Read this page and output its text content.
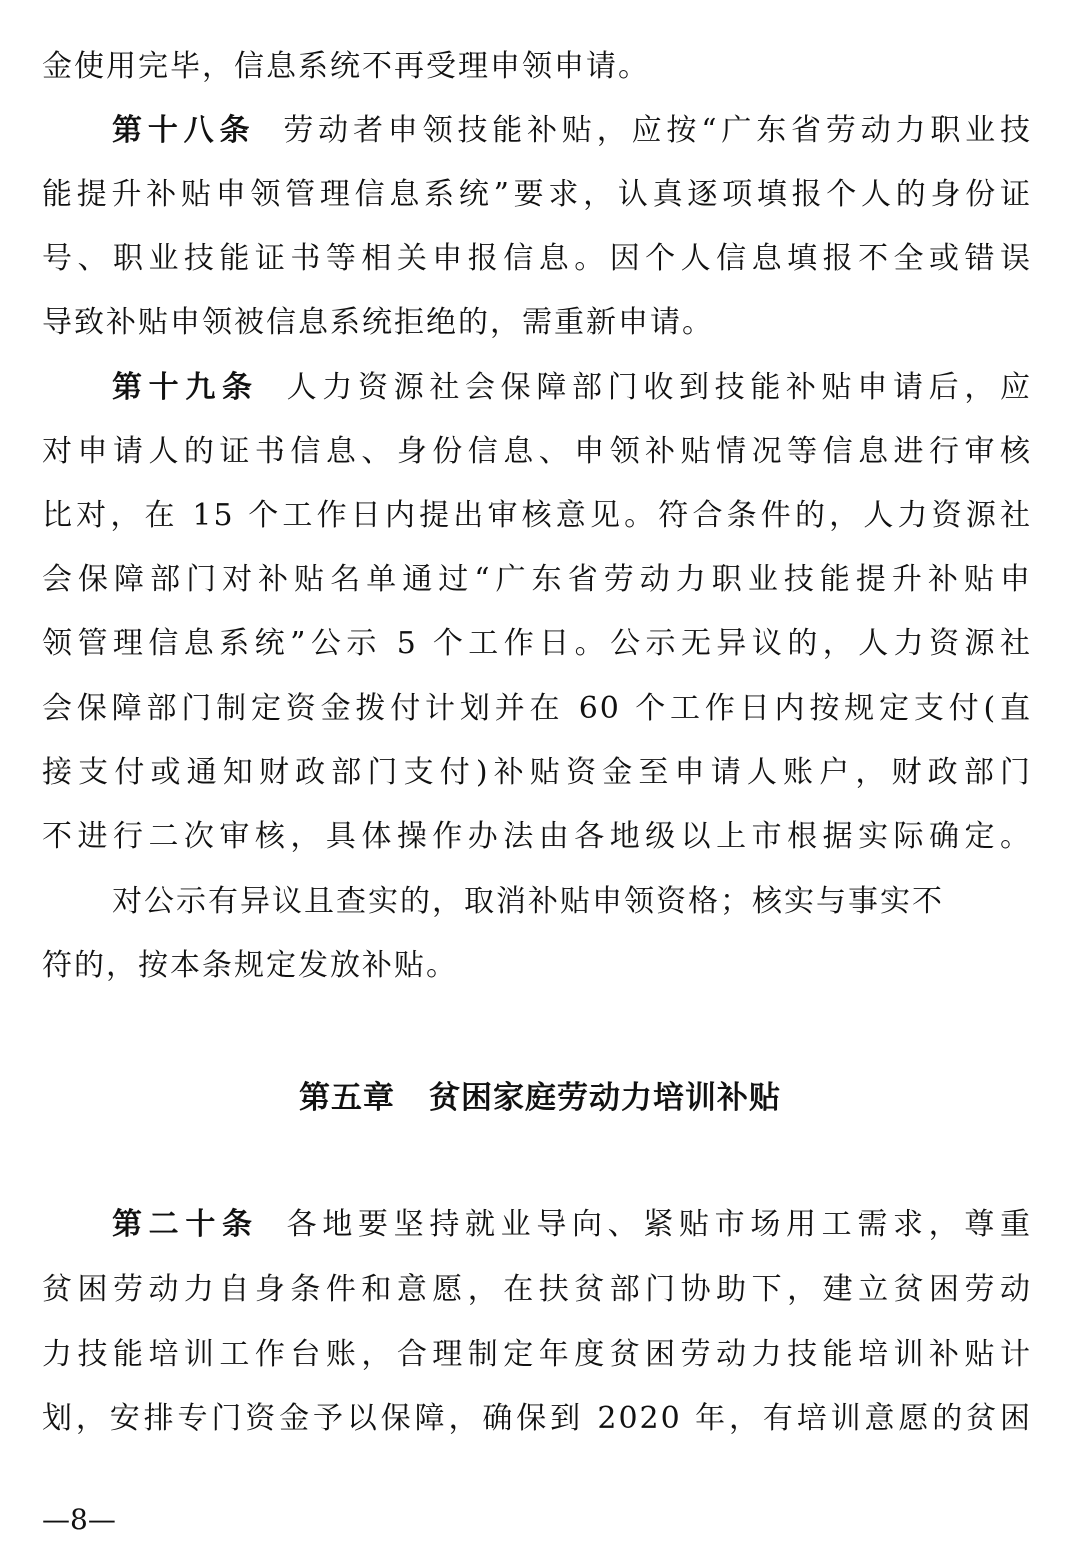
金使用完毕，信息系统不再受理申领申请。
第十八条 劳动者申领技能补贴，应按“广东省劳动力职业技
能提升补贴申领管理信息系统”要求，认真逐项填报个人的身份证
号、职业技能证书等相关申报信息。因个人信息填报不全或错误
导致补贴申领被信息系统拒绝的，需重新申请。
第十九条 人力资源社会保障部门收到技能补贴申请后，应
对申请人的证书信息、身份信息、申领补贴情况等信息进行审核
比对，在 15 个工作日内提出审核意见。符合条件的，人力资源社
会保障部门对补贴名单通过“广东省劳动力职业技能提升补贴申
领管理信息系统”公示 5 个工作日。公示无异议的，人力资源社
会保障部门制定资金拨付计划并在 60 个工作日内按规定支付(直
接支付或通知财政部门支付)补贴资金至申请人账户，财政部门
不进行二次审核，具体操作办法由各地级以上市根据实际确定。
对公示有异议且查实的，取消补贴申领资格；核实与事实不
符的，按本条规定发放补贴。
第五章 贫困家庭劳动力培训补贴
第二十条 各地要坚持就业导向、紧贴市场用工需求，尊重
贫困劳动力自身条件和意愿，在扶贫部门协助下，建立贫困劳动
力技能培训工作台账，合理制定年度贫困劳动力技能培训补贴计
划，安排专门资金予以保障，确保到 2020 年，有培训意愿的贫困
—8—
